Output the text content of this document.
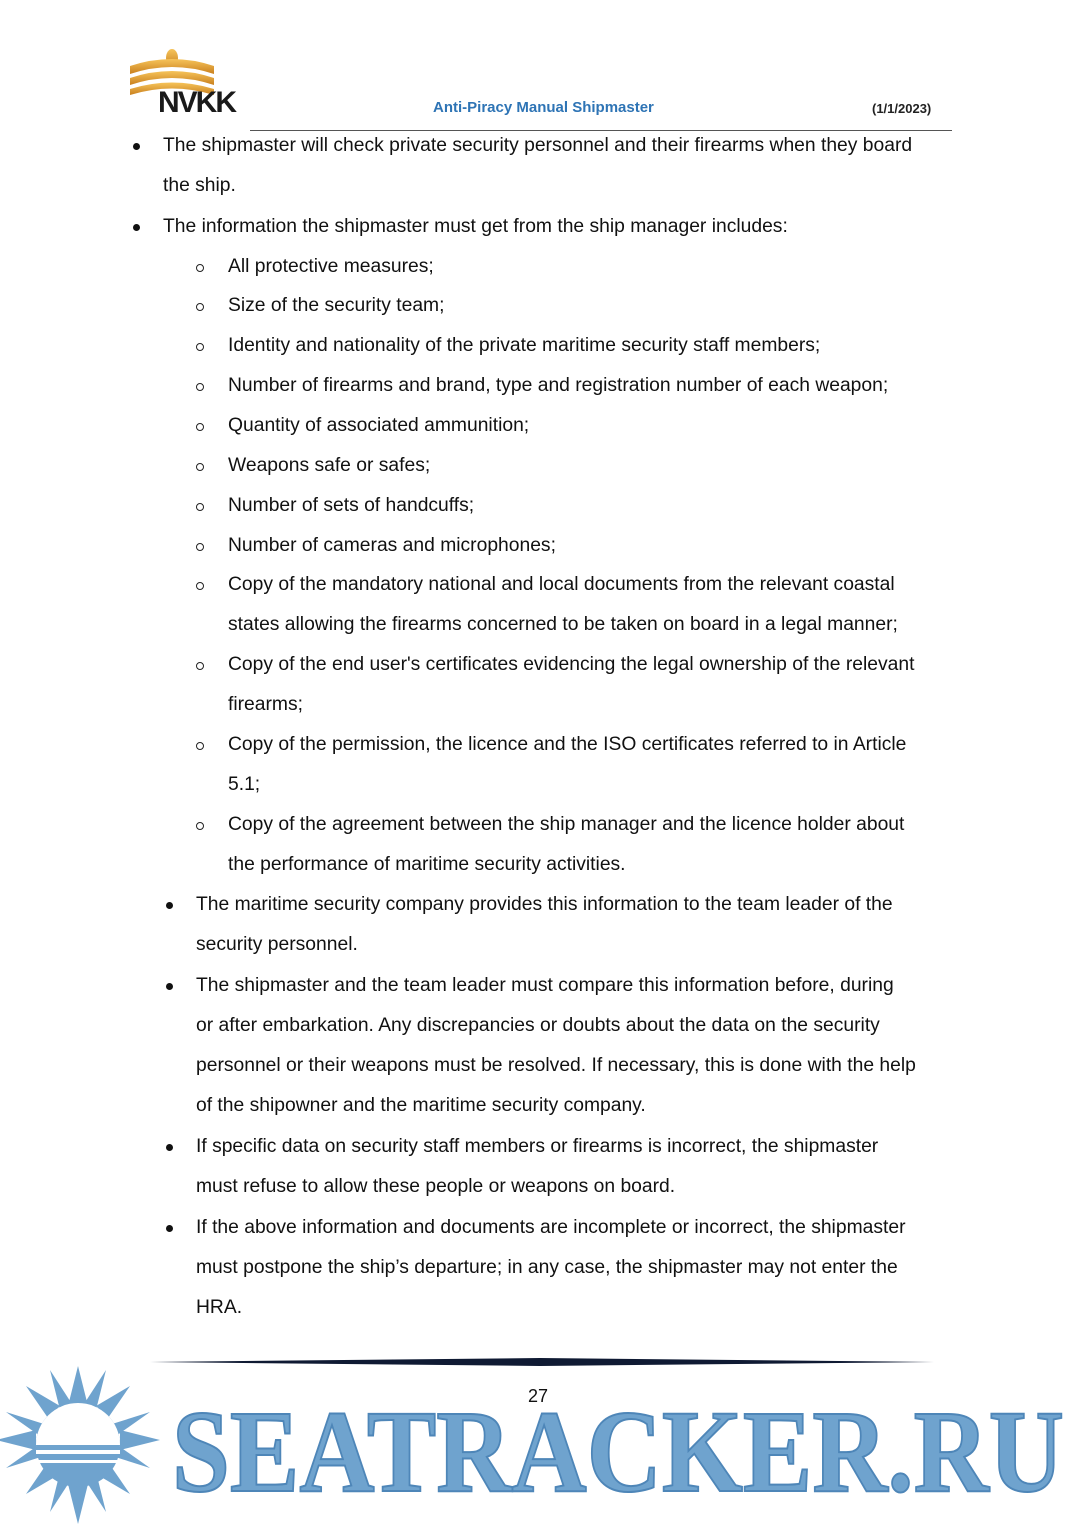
NVKK	Anti-Piracy Manual Shipmaster	(1/1/2023)
The shipmaster will check private security personnel and their firearms when they board
the ship.
The information the shipmaster must get from the ship manager includes:
All protective measures;
Size of the security team;
Identity and nationality of the private maritime security staff members;
Number of firearms and brand, type and registration number of each weapon;
Quantity of associated ammunition;
Weapons safe or safes;
Number of sets of handcuffs;
Number of cameras and microphones;
Copy of the mandatory national and local documents from the relevant coastal
states allowing the firearms concerned to be taken on board in a legal manner;
Copy of the end user's certificates evidencing the legal ownership of the relevant
firearms;
Copy of the permission, the licence and the ISO certificates referred to in Article
5.1;
Copy of the agreement between the ship manager and the licence holder about
the performance of maritime security activities.
The maritime security company provides this information to the team leader of the
security personnel.
The shipmaster and the team leader must compare this information before, during
or after embarkation. Any discrepancies or doubts about the data on the security
personnel or their weapons must be resolved. If necessary, this is done with the help
of the shipowner and the maritime security company.
If specific data on security staff members or firearms is incorrect, the shipmaster
must refuse to allow these people or weapons on board.
If the above information and documents are incomplete or incorrect, the shipmaster
must postpone the ship’s departure; in any case, the shipmaster may not enter the
HRA.
SEATRACKER.RU
27
